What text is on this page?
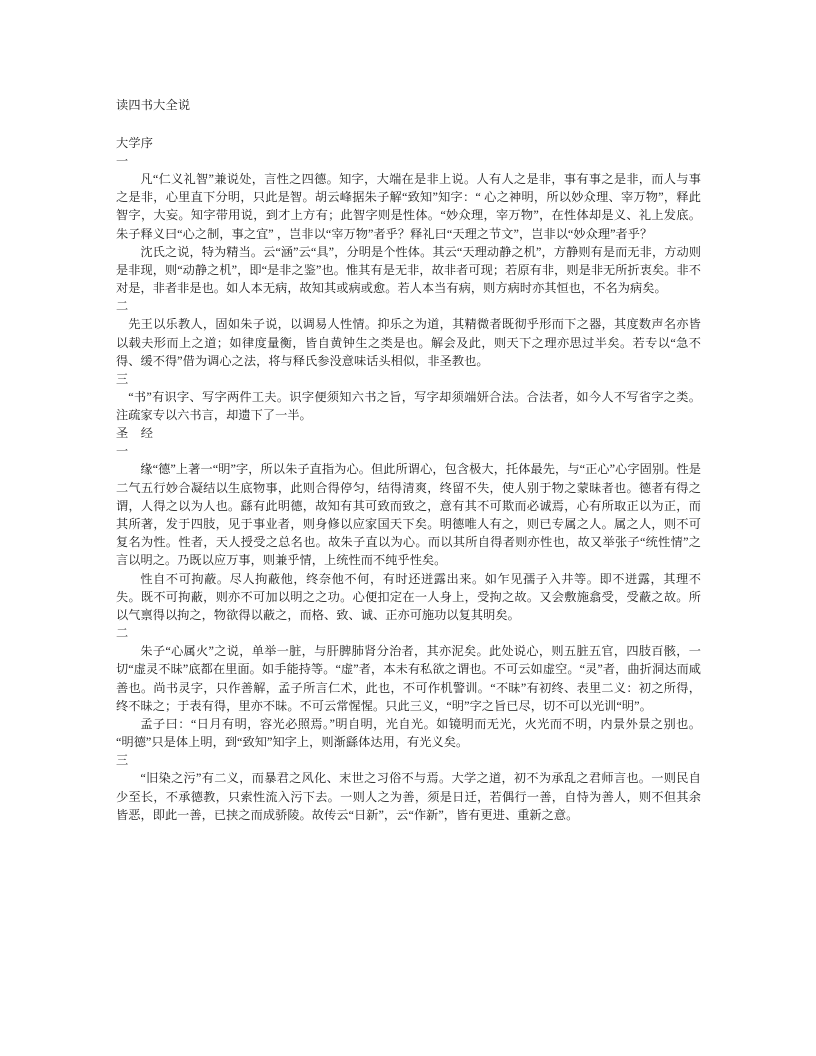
读四书大全说

大学序

一

凡“仁义礼智”兼说处，言性之四德。知字，大端在是非上说。人有人之是非，事有事之是非，而人与事之是非，心里直下分明，只此是智。胡云峰据朱子解“致知”知字：“ 心之神明，所以妙众理、宰万物”，释此智字，大妄。知字带用说，到才上方有；此智字则是性体。“妙众理，宰万物”，在性体却是义、礼上发底。朱子释义曰“心之制，事之宜” ，岂非以“宰万物”者乎？释礼曰“天理之节文”，岂非以“妙众理”者乎？

沈氏之说，特为精当。云“涵”云“具”，分明是个性体。其云“天理动静之机”，方静则有是而无非，方动则是非现，则“动静之机”，即“是非之鉴”也。惟其有是无非，故非者可现；若原有非，则是非无所折衷矣。非不对是，非者非是也。如人本无病，故知其或病或愈。若人本当有病，则方病时亦其恒也，不名为病矣。

二

先王以乐教人，固如朱子说，以调易人性情。抑乐之为道，其精微者既彻乎形而下之器，其度数声名亦皆以载夫形而上之道；如律度量衡，皆自黄钟生之类是也。解会及此，则天下之理亦思过半矣。若专以“急不得、缓不得”借为调心之法，将与释氏参没意味话头相似，非圣教也。

三

“书”有识字、写字两件工夫。识字便须知六书之旨，写字却须端妍合法。合法者，如今人不写省字之类。注疏家专以六书言，却遗下了一半。

圣　经

一

缘“德”上著一“明”字，所以朱子直指为心。但此所谓心，包含极大，托体最先，与“正心”心字固别。性是二气五行妙合凝结以生底物事，此则合得停匀，结得清爽，终留不失，使人别于物之蒙昧者也。德者有得之谓，人得之以为人也。繇有此明德，故知有其可致而致之，意有其不可欺而必诚焉，心有所取正以为正，而其所著，发于四肢，见于事业者，则身修以应家国天下矣。明德唯人有之，则已专属之人。属之人，则不可复名为性。性者，天人授受之总名也。故朱子直以为心。而以其所自得者则亦性也，故又举张子“统性情”之言以明之。乃既以应万事，则兼乎情，上统性而不纯乎性矣。

性自不可拘蔽。尽人拘蔽他，终奈他不何，有时还迸露出来。如乍见孺子入井等。即不迸露，其理不失。既不可拘蔽，则亦不可加以明之之功。心便扣定在一人身上，受拘之故。又会敷施翕受，受蔽之故。所以气禀得以拘之，物欲得以蔽之，而格、致、诚、正亦可施功以复其明矣。

二

朱子“心属火”之说，单举一脏，与肝脾肺肾分治者，其亦泥矣。此处说心，则五脏五官，四肢百骸，一切“虚灵不昧”底都在里面。如手能持等。“虚”者，本未有私欲之谓也。不可云如虚空。“灵”者，曲折洞达而咸善也。尚书灵字，只作善解，孟子所言仁术，此也，不可作机警训。“不昧”有初终、表里二义：初之所得，终不昧之；于表有得，里亦不昧。不可云常惺惺。只此三义，“明”字之旨已尽，切不可以光训“明”。

孟子曰：“日月有明，容光必照焉。”明自明，光自光。如镜明而无光，火光而不明，内景外景之别也。“明德”只是体上明，到“致知”知字上，则渐繇体达用，有光义矣。

三

“旧染之污”有二义，而暴君之风化、末世之习俗不与焉。大学之道，初不为承乱之君师言也。一则民自少至长，不承德教，只索性流入污下去。一则人之为善，须是日迁，若偶行一善，自恃为善人，则不但其余皆恶，即此一善，已挟之而成骄陵。故传云“日新”，云“作新”，皆有更进、重新之意。
